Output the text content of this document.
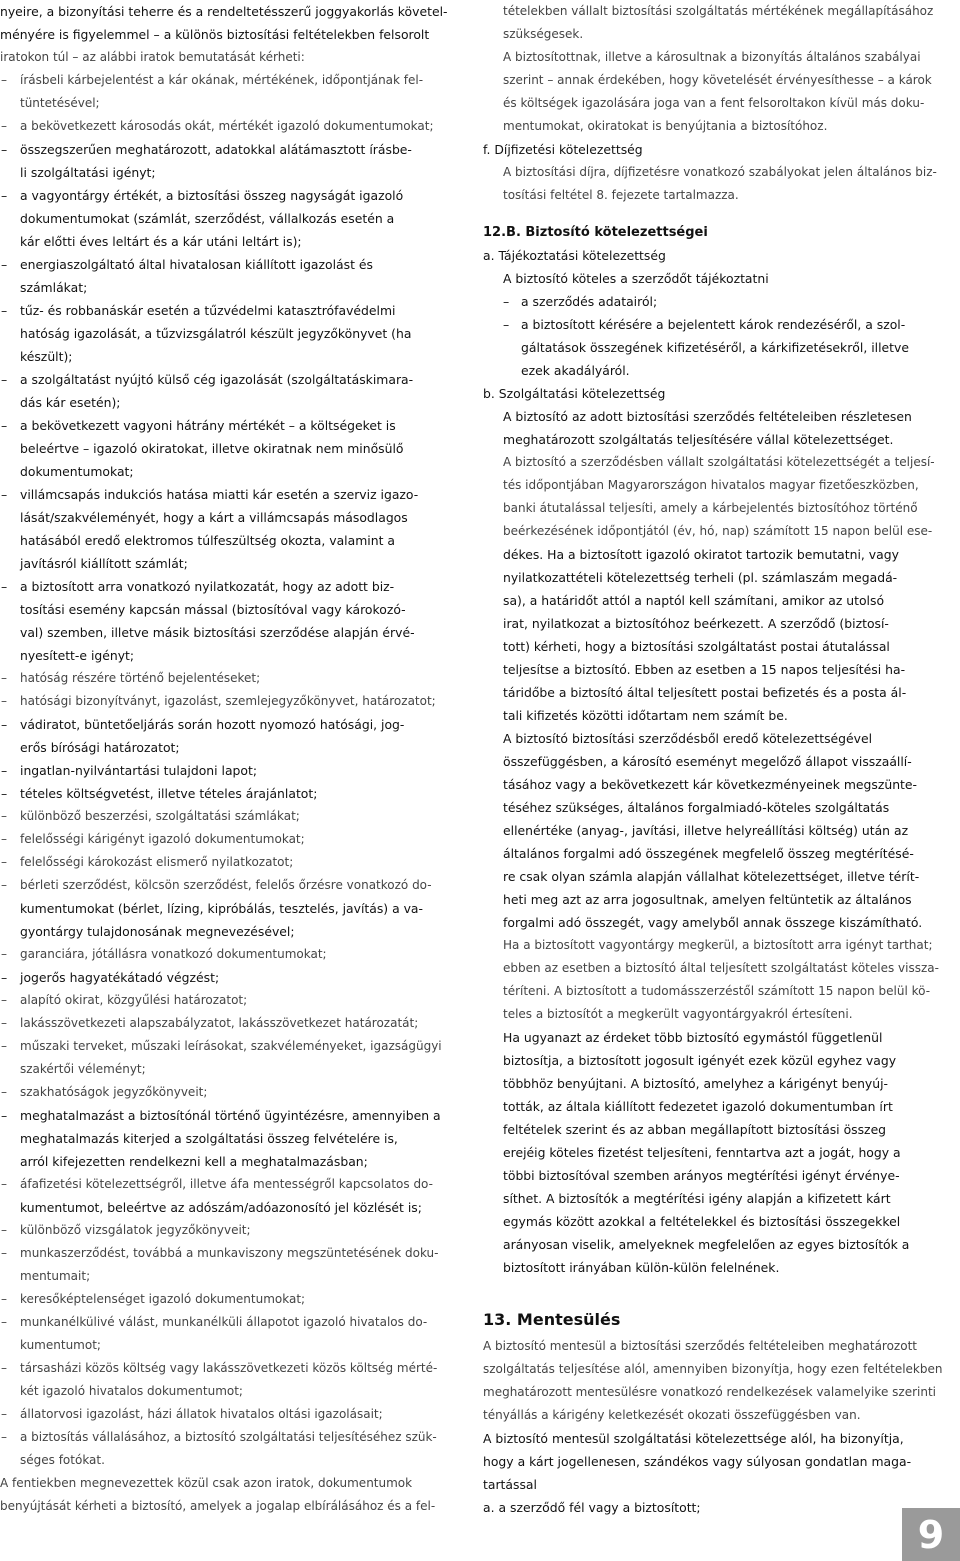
nyeire, a bizonyítási teherre és a rendeltetésszerű joggyakorlás követel-
ményére is figyelemmel – a különös biztosítási feltételekben felsorolt
iratokon túl – az alábbi iratok bemutatását kérheti:
– írásbeli kárbejelentést a kár okának, mértékének, időpontjának fel-
tüntetésével;
– a bekövetkezett károsodás okát, mértékét igazoló dokumentumokat;
– összegszerűen meghatározott, adatokkal alátámasztott írásbe-
li szolgáltatási igényt;
– a vagyontárgy értékét, a biztosítási összeg nagyságát igazoló
dokumentumokat (számlát, szerződést, vállalkozás esetén a
kár előtti éves leltárt és a kár utáni leltárt is);
– energiaszolgáltató által hivatalosan kiállított igazolást és
számlákat;
– tűz- és robbanáskár esetén a tűzvédelmi katasztrófavédelmi
hatóság igazolását, a tűzvizsgálatról készült jegyzőkönyvet (ha
készült);
– a szolgáltatást nyújtó külső cég igazolását (szolgáltatáskimara-
dás kár esetén);
– a bekövetkezett vagyoni hátrány mértékét – a költségeket is
beleértve – igazoló okiratokat, illetve okiratnak nem minősülő
dokumentumokat;
– villámcsapás indukciós hatása miatti kár esetén a szerviz igazo-
lását/szakvéleményét, hogy a kárt a villámcsapás másodlagos
hatásából eredő elektromos túlfeszültség okozta, valamint a
javításról kiállított számlát;
– a biztosított arra vonatkozó nyilatkozatát, hogy az adott biz-
tosítási esemény kapcsán mással (biztosítóval vagy károkozó-
val) szemben, illetve másik biztosítási szerződése alapján érvé-
nyesített-e igényt;
– hatóság részére történő bejelentéseket;
– hatósági bizonyítványt, igazolást, szemlejegyzőkönyvet, határozatot;
– vádiratot, büntetőeljárás során hozott nyomozó hatósági, jog-
erős bírósági határozatot;
– ingatlan-nyilvántartási tulajdoni lapot;
– tételes költségvetést, illetve tételes árajánlatot;
– különböző beszerzési, szolgáltatási számlákat;
– felelősségi kárigényt igazoló dokumentumokat;
– felelősségi károkozást elismerő nyilatkozatot;
– bérleti szerződést, kölcsön szerződést, felelős őrzésre vonatkozó do-
kumentumokat (bérlet, lízing, kipróbálás, tesztelés, javítás) a va-
gyontárgy tulajdonosának megnevezésével;
– garanciára, jótállásra vonatkozó dokumentumokat;
– jogerős hagyatékátadó végzést;
– alapító okirat, közgyűlési határozatot;
– lakásszövetkezeti alapszabályzatot, lakásszövetkezet határozatát;
– műszaki terveket, műszaki leírásokat, szakvéleményeket, igazságügyi
szakértői véleményt;
– szakhatóságok jegyzőkönyveit;
– meghatalmazást a biztosítónál történő ügyintézésre, amennyiben a
meghatalmazás kiterjed a szolgáltatási összeg felvételére is,
arról kifejezetten rendelkezni kell a meghatalmazásban;
– áfafizetési kötelezettségről, illetve áfa mentességről kapcsolatos do-
kumentumot, beleértve az adószám/adóazonosító jel közlését is;
– különböző vizsgálatok jegyzőkönyveit;
– munkaszerződést, továbbá a munkaviszony megszüntetésének doku-
mentumait;
– keresőképtelenséget igazoló dokumentumokat;
– munkanélkülivé válást, munkanélküli állapotot igazoló hivatalos do-
kumentumot;
– társasházi közös költség vagy lakásszövetkezeti közös költség mérté-
két igazoló hivatalos dokumentumot;
– állatorvosi igazolást, házi állatok hivatalos oltási igazolásait;
– a biztosítás vállalásához, a biztosító szolgáltatási teljesítéséhez szük-
séges fotókat.
A fentiekben megnevezettek közül csak azon iratok, dokumentumok
benyújtását kérheti a biztosító, amelyek a jogalap elbírálásához és a fel-
tételekben vállalt biztosítási szolgáltatás mértékének megállapításához
szükségesek.
A biztosítottnak, illetve a károsultnak a bizonyítás általános szabályai
szerint – annak érdekében, hogy követelését érvényesíthesse – a károk
és költségek igazolására joga van a fent felsoroltakon kívül más doku-
mentumokat, okiratokat is benyújtania a biztosítóhoz.
f. Díjfizetési kötelezettség
A biztosítási díjra, díjfizetésre vonatkozó szabályokat jelen általános biz-
tosítási feltétel 8. fejezete tartalmazza.
12.B. Biztosító kötelezettségei
a. Tájékoztatási kötelezettség
A biztosító köteles a szerződőt tájékoztatni
– a szerződés adatairól;
– a biztosított kérésére a bejelentett károk rendezéséről, a szol-
gáltatások összegének kifizetéséről, a kárkifizetésekről, illetve
ezek akadályáról.
b. Szolgáltatási kötelezettség
A biztosító az adott biztosítási szerződés feltételeiben részletesen
meghatározott szolgáltatás teljesítésére vállal kötelezettséget.
A biztosító a szerződésben vállalt szolgáltatási kötelezettségét a teljesí-
tés időpontjában Magyarországon hivatalos magyar fizetőeszközben,
banki átutalással teljesíti, amely a kárbejelentés biztosítóhoz történő
beérkezésének időpontjától (év, hó, nap) számított 15 napon belül ese-
dékes. Ha a biztosított igazoló okiratot tartozik bemutatni, vagy
nyilatkozattételi kötelezettség terheli (pl. számlaszám megadá-
sa), a határidőt attól a naptól kell számítani, amikor az utolsó
irat, nyilatkozat a biztosítóhoz beérkezett. A szerződő (biztosí-
tott) kérheti, hogy a biztosítási szolgáltatást postai átutalással
teljesítse a biztosító. Ebben az esetben a 15 napos teljesítési ha-
táridőbe a biztosító által teljesített postai befizetés és a posta ál-
tali kifizetés közötti időtartam nem számít be.
A biztosító biztosítási szerződésből eredő kötelezettségével
összefüggésben, a károsító eseményt megelőző állapot visszaállí-
tásához vagy a bekövetkezett kár következményeinek megszünte-
téséhez szükséges, általános forgalmiadó-köteles szolgáltatás
ellenértéke (anyag-, javítási, illetve helyreállítási költség) után az
általános forgalmi adó összegének megfelelő összeg megtérítésé-
re csak olyan számla alapján vállalhat kötelezettséget, illetve térít-
heti meg azt az arra jogosultnak, amelyen feltüntetik az általános
forgalmi adó összegét, vagy amelyből annak összege kiszámítható.
Ha a biztosított vagyontárgy megkerül, a biztosított arra igényt tarthat;
ebben az esetben a biztosító által teljesített szolgáltatást köteles vissza-
téríteni. A biztosított a tudomásszerzéstől számított 15 napon belül kö-
teles a biztosítót a megkerült vagyontárgyakról értesíteni.
Ha ugyanazt az érdeket több biztosító egymástól függetlenül
biztosítja, a biztosított jogosult igényét ezek közül egyhez vagy
többhöz benyújtani. A biztosító, amelyhez a kárigényt benyúj-
tották, az általa kiállított fedezetet igazoló dokumentumban írt
feltételek szerint és az abban megállapított biztosítási összeg
erejéig köteles fizetést teljesíteni, fenntartva azt a jogát, hogy a
többi biztosítóval szemben arányos megtérítési igényt érvénye-
síthet. A biztosítók a megtérítési igény alapján a kifizetett kárt
egymás között azokkal a feltételekkel és biztosítási összegekkel
arányosan viselik, amelyeknek megfelelően az egyes biztosítók a
biztosított irányában külön-külön felelnének.
13. Mentesülés
A biztosító mentesül a biztosítási szerződés feltételeiben meghatározott
szolgáltatás teljesítése alól, amennyiben bizonyítja, hogy ezen feltételekben
meghatározott mentesülésre vonatkozó rendelkezések valamelyike szerinti
tényállás a kárigény keletkezését okozati összefüggésben van.
A biztosító mentesül szolgáltatási kötelezettsége alól, ha bizonyítja,
hogy a kárt jogellenesen, szándékos vagy súlyosan gondatlan maga-
tartással
a. a szerződő fél vagy a biztosított;
9
